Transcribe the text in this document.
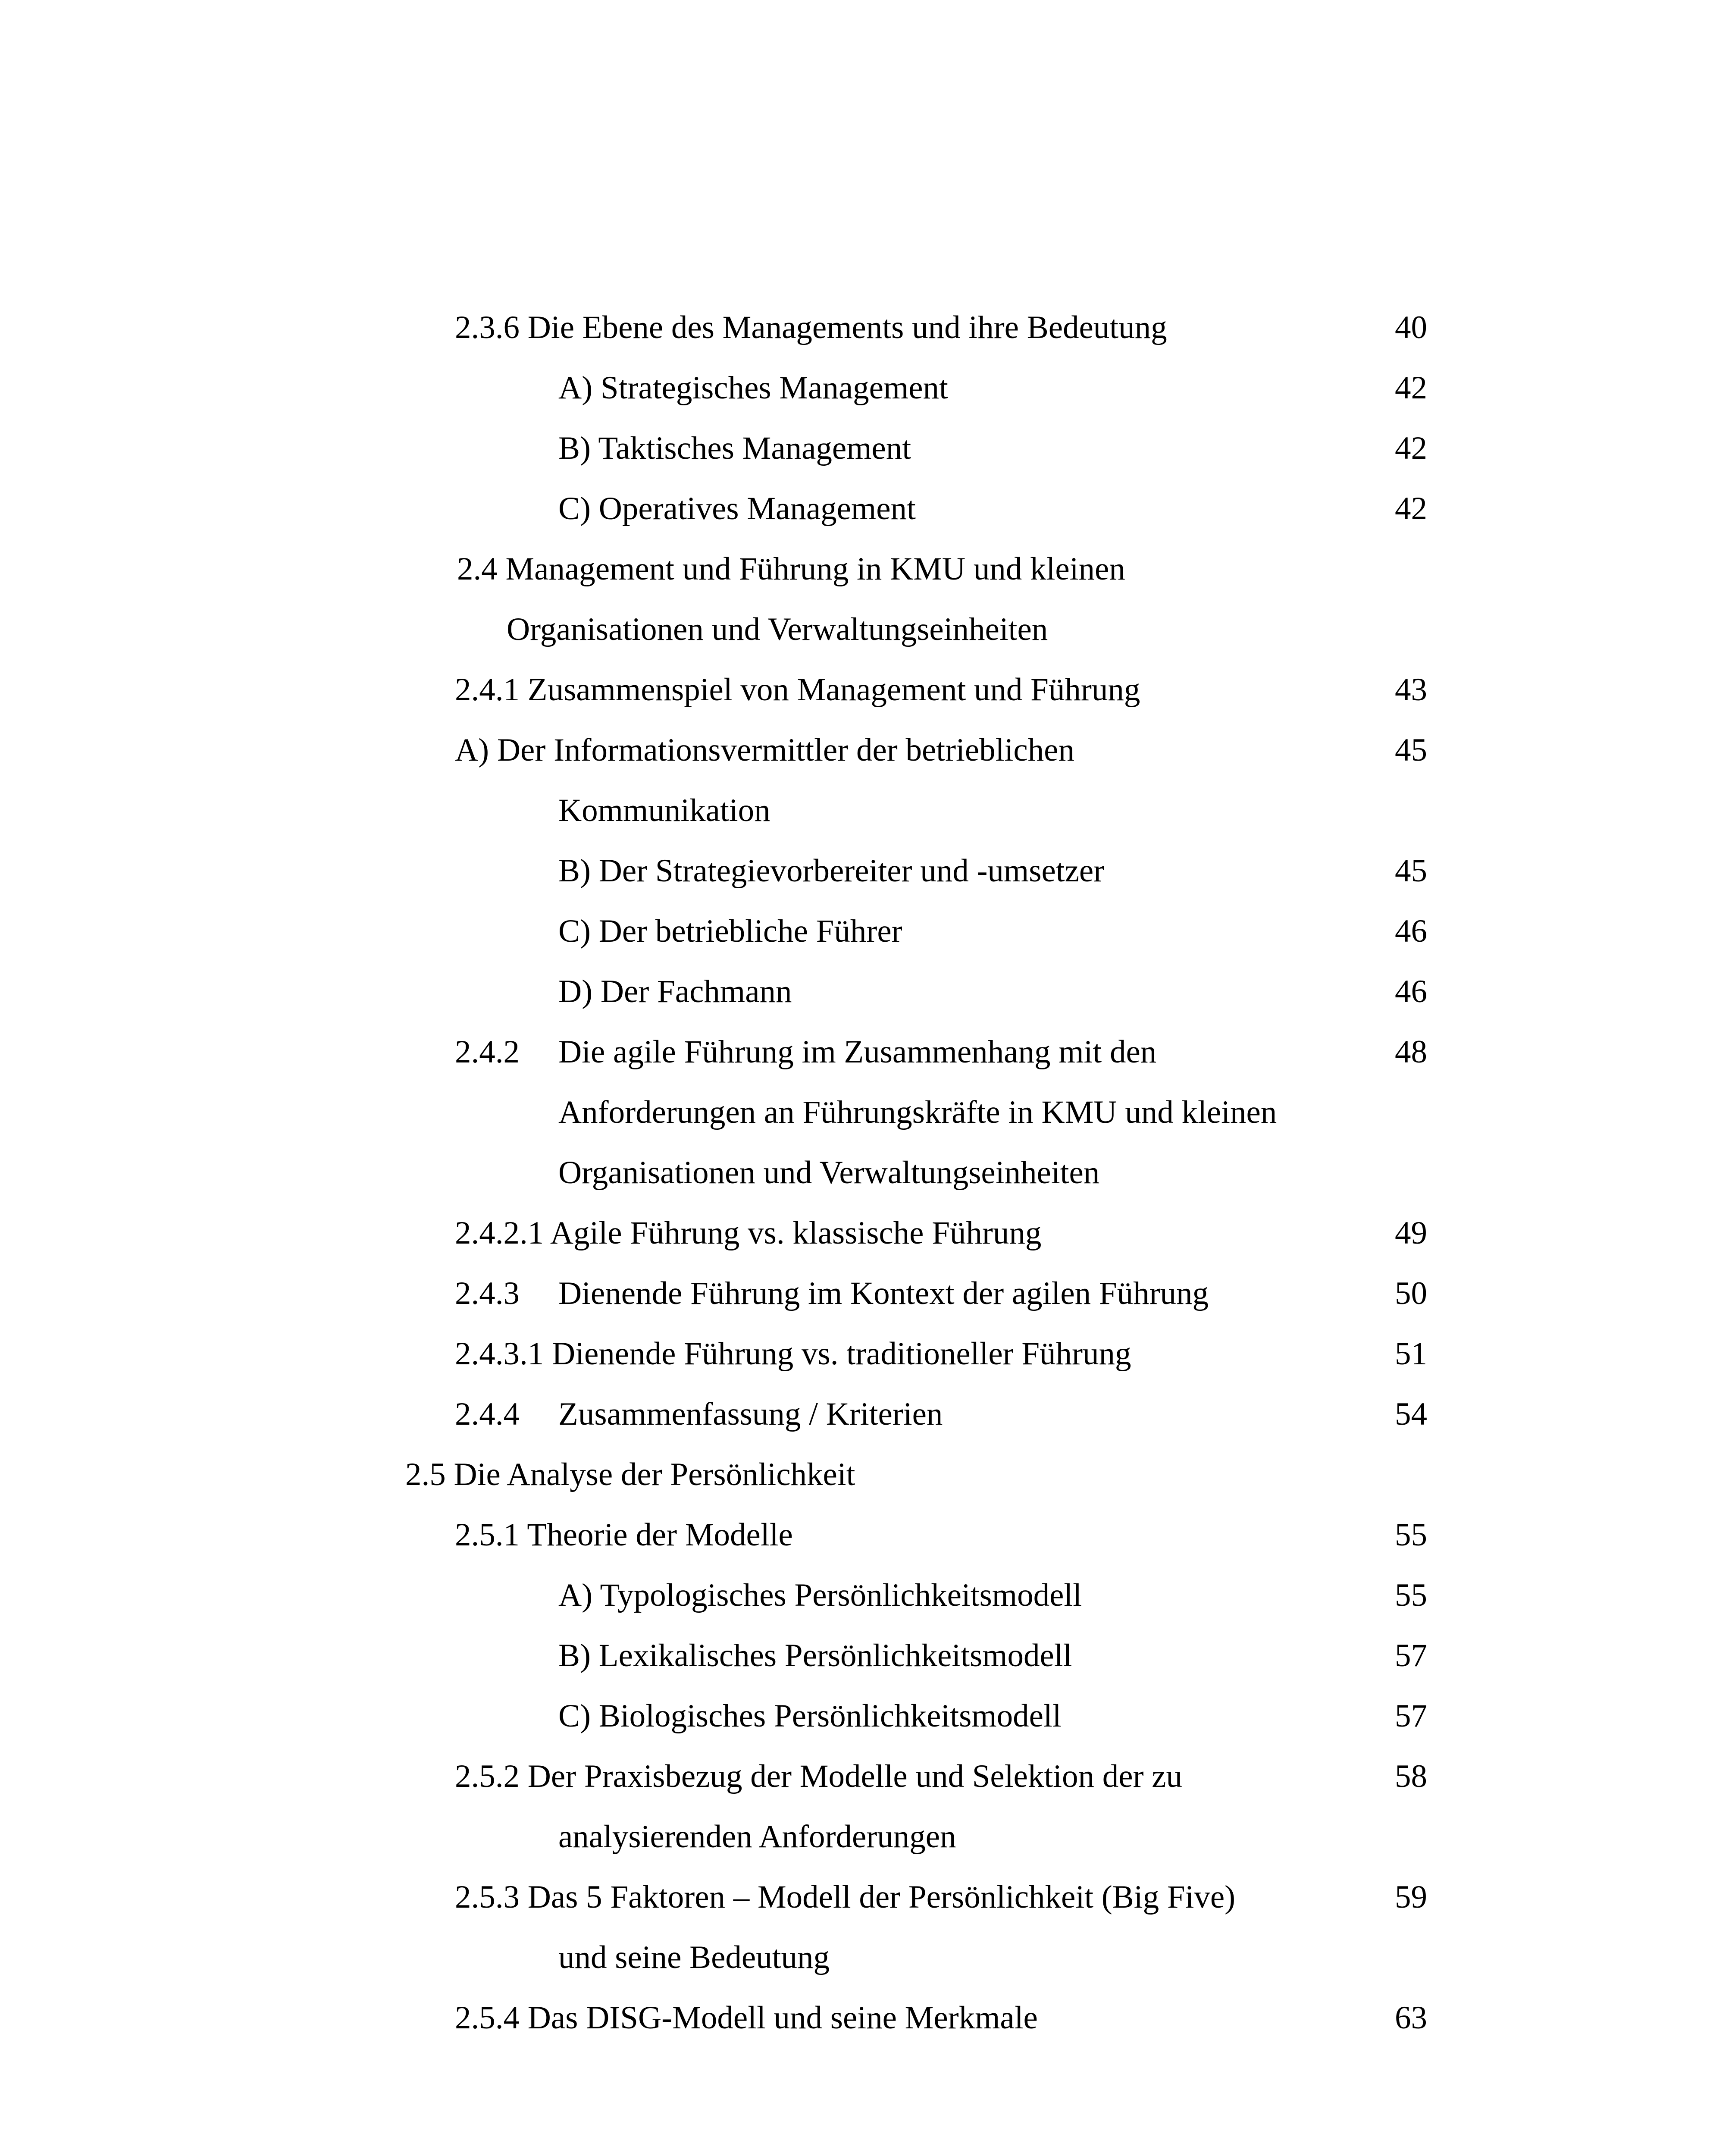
2.3.6 Die Ebene des Managements und ihre Bedeutung	40
A) Strategisches Management	42
B) Taktisches Management	42
C) Operatives Management	42
2.4 Management und Führung in KMU und kleinen
Organisationen und Verwaltungseinheiten
2.4.1 Zusammenspiel von Management und Führung	43
A) Der Informationsvermittler der betrieblichen	45
Kommunikation
B) Der Strategievorbereiter und -umsetzer	45
C) Der betriebliche Führer	46
D) Der Fachmann	46
2.4.2 Die agile Führung im Zusammenhang mit den	48
Anforderungen an Führungskräfte in KMU und kleinen
Organisationen und Verwaltungseinheiten
2.4.2.1 Agile Führung vs. klassische Führung	49
2.4.3 Dienende Führung im Kontext der agilen Führung	50
2.4.3.1 Dienende Führung vs. traditioneller Führung	51
2.4.4 Zusammenfassung / Kriterien	54
2.5 Die Analyse der Persönlichkeit
2.5.1 Theorie der Modelle	55
A) Typologisches Persönlichkeitsmodell	55
B) Lexikalisches Persönlichkeitsmodell	57
C) Biologisches Persönlichkeitsmodell	57
2.5.2 Der Praxisbezug der Modelle und Selektion der zu	58
analysierenden Anforderungen
2.5.3 Das 5 Faktoren – Modell der Persönlichkeit (Big Five)	59
und seine Bedeutung
2.5.4 Das DISG-Modell und seine Merkmale	63
